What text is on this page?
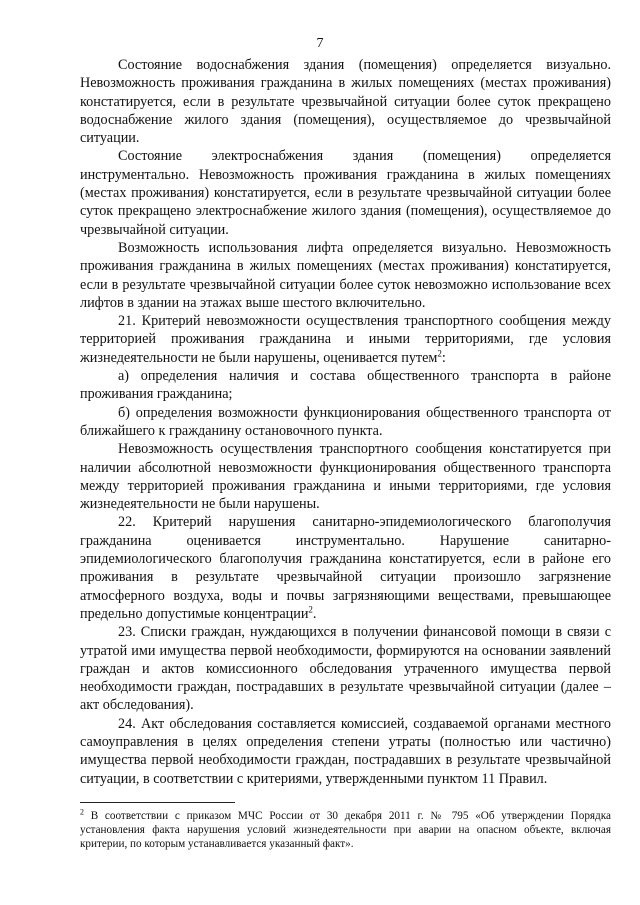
7

Состояние водоснабжения здания (помещения) определяется визуально. Невозможность проживания гражданина в жилых помещениях (местах проживания) констатируется, если в результате чрезвычайной ситуации более суток прекращено водоснабжение жилого здания (помещения), осуществляемое до чрезвычайной ситуации.

Состояние электроснабжения здания (помещения) определяется инструментально. Невозможность проживания гражданина в жилых помещениях (местах проживания) констатируется, если в результате чрезвычайной ситуации более суток прекращено электроснабжение жилого здания (помещения), осуществляемое до чрезвычайной ситуации.

Возможность использования лифта определяется визуально. Невозможность проживания гражданина в жилых помещениях (местах проживания) констатируется, если в результате чрезвычайной ситуации более суток невозможно использование всех лифтов в здании на этажах выше шестого включительно.

21. Критерий невозможности осуществления транспортного сообщения между территорией проживания гражданина и иными территориями, где условия жизнедеятельности не были нарушены, оценивается путем$^2$:

а) определения наличия и состава общественного транспорта в районе проживания гражданина;

б) определения возможности функционирования общественного транспорта от ближайшего к гражданину остановочного пункта.

Невозможность осуществления транспортного сообщения констатируется при наличии абсолютной невозможности функционирования общественного транспорта между территорией проживания гражданина и иными территориями, где условия жизнедеятельности не были нарушены.

22. Критерий нарушения санитарно-эпидемиологического благополучия гражданина оценивается инструментально. Нарушение санитарно-эпидемиологического благополучия гражданина констатируется, если в районе его проживания в результате чрезвычайной ситуации произошло загрязнение атмосферного воздуха, воды и почвы загрязняющими веществами, превышающее предельно допустимые концентрации$^2$.

23. Списки граждан, нуждающихся в получении финансовой помощи в связи с утратой ими имущества первой необходимости, формируются на основании заявлений граждан и актов комиссионного обследования утраченного имущества первой необходимости граждан, пострадавших в результате чрезвычайной ситуации (далее – акт обследования).

24. Акт обследования составляется комиссией, создаваемой органами местного самоуправления в целях определения степени утраты (полностью или частично) имущества первой необходимости граждан, пострадавших в результате чрезвычайной ситуации, в соответствии с критериями, утвержденными пунктом 11 Правил.

$^2$ В соответствии с приказом МЧС России от 30 декабря 2011 г. № 795 «Об утверждении Порядка установления факта нарушения условий жизнедеятельности при аварии на опасном объекте, включая критерии, по которым устанавливается указанный факт».
